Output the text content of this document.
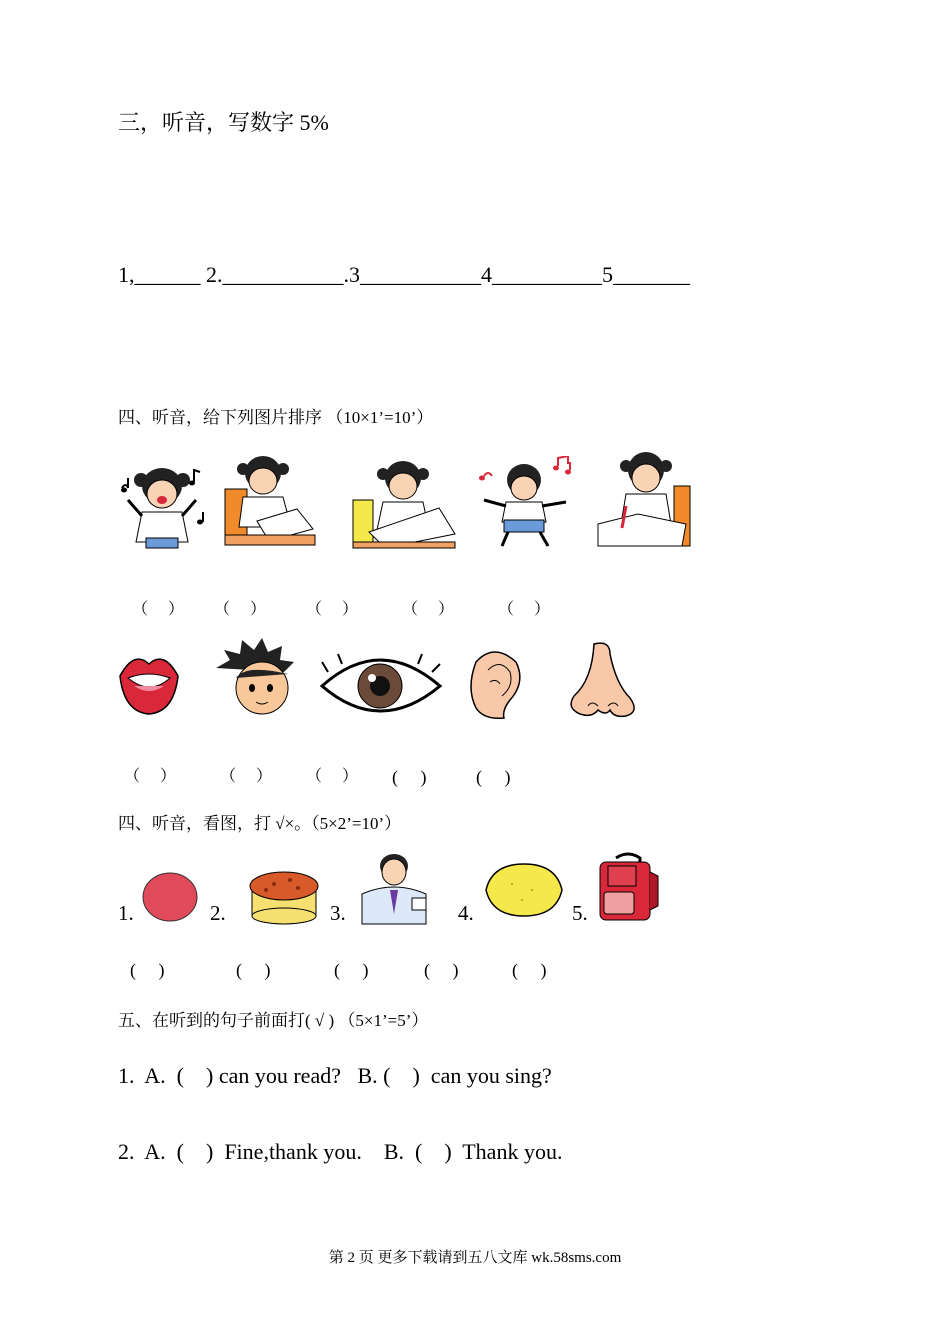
三，听音，写数字 5%
1,______ 2.___________.3___________4__________5_______
四、听音，给下列图片排序 （10×1’=10’）
（　 ） （　 ） （　 ）	（　 ）	（　 ）
（　 ）	（　 ） （　 ） (　 )	(　 )
四、听音，看图，打 √×。（5×2’=10’）
1.	2.	3.	4.	5.
(　 )	(　 )	(　 )	(　 )	(　 )
五、在听到的句子前面打( √ ) （5×1’=5’）
1.  A.  (    ) can you read?   B. (    )  can you sing?
2.  A.  (    )  Fine,thank you.    B.  (    )  Thank you.
第 2 页 更多下载请到五八文库 wk.58sms.com
